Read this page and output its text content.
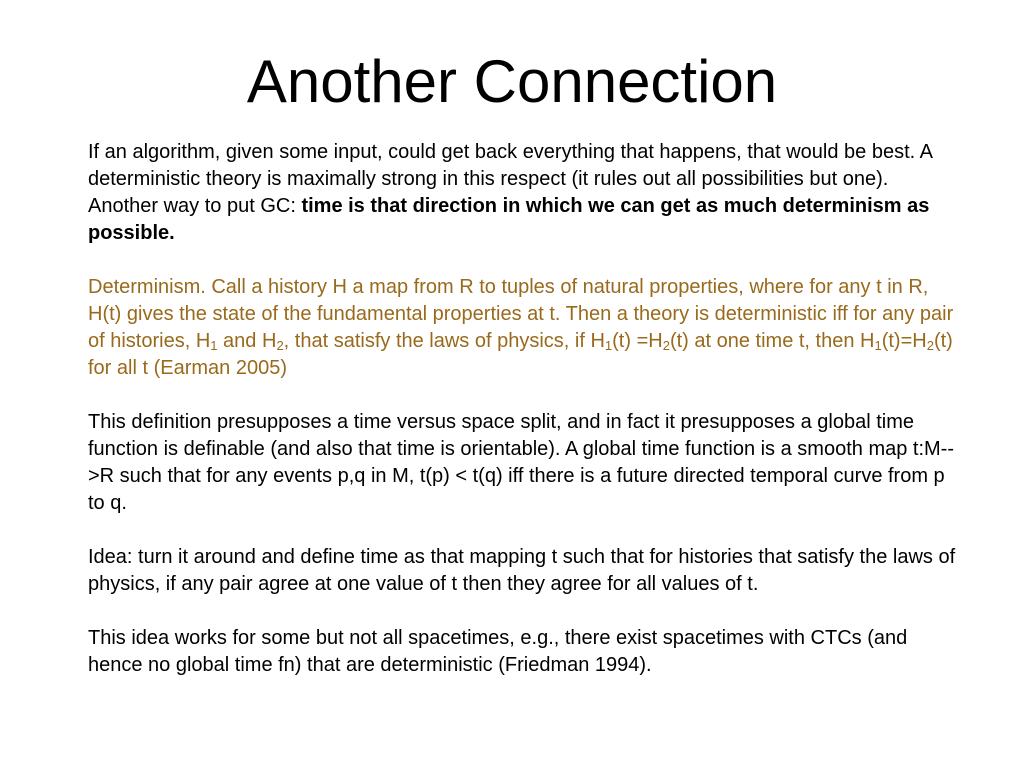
Another Connection

If an algorithm, given some input, could get back everything that happens, that would be best. A deterministic theory is maximally strong in this respect (it rules out all possibilities but one). Another way to put GC: time is that direction in which we can get as much determinism as possible.

Determinism. Call a history H a map from R to tuples of natural properties, where for any t in R, H(t) gives the state of the fundamental properties at t. Then a theory is deterministic iff for any pair of histories, $H_1$ and $H_2$, that satisfy the laws of physics, if $H_1(t) =H_2(t)$ at one time t, then $H_1(t)=H_2(t)$ for all t (Earman 2005)

This definition presupposes a time versus space split, and in fact it presupposes a global time function is definable (and also that time is orientable). A global time function is a smooth map t:M-->R such that for any events p,q in M, t(p) < t(q) iff there is a future directed temporal curve from p to q.

Idea: turn it around and define time as that mapping t such that for histories that satisfy the laws of physics, if any pair agree at one value of t then they agree for all values of t.

This idea works for some but not all spacetimes, e.g., there exist spacetimes with CTCs (and hence no global time fn) that are deterministic (Friedman 1994).
